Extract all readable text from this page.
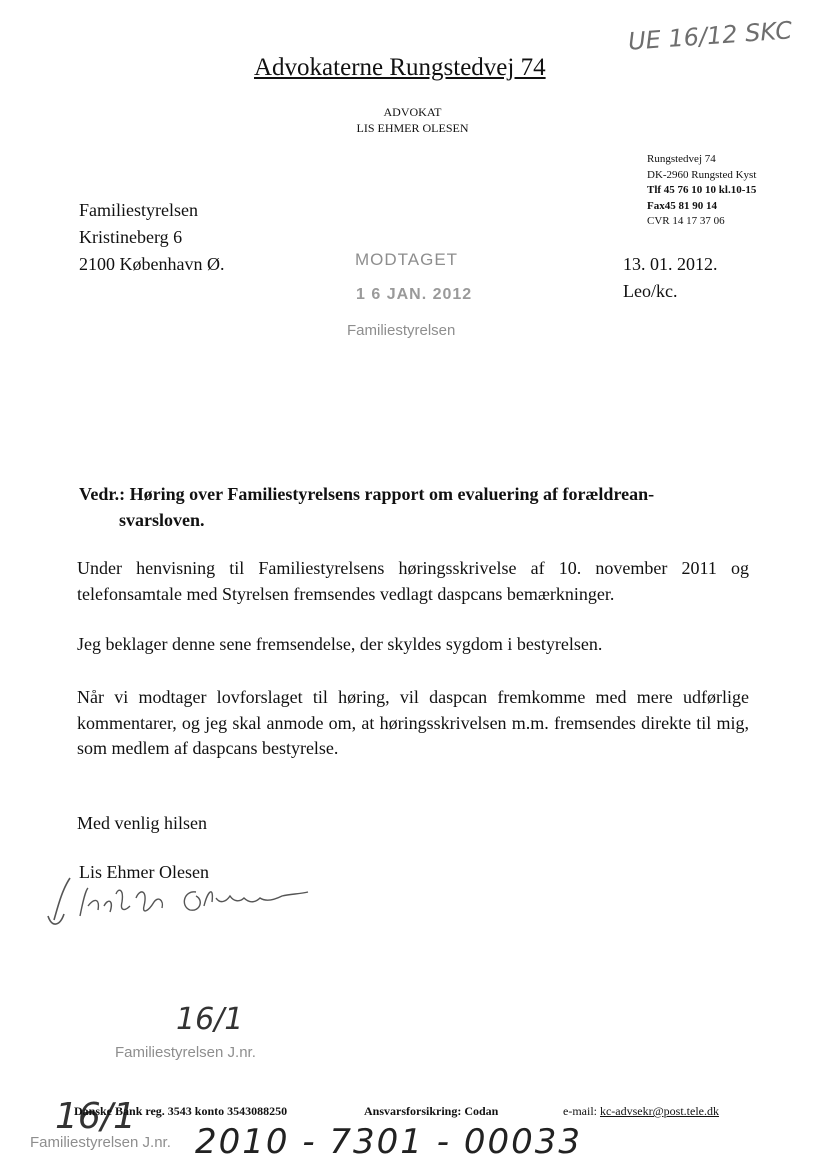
UE 16/12 SKC
Advokaterne Rungstedvej 74
ADVOKAT
LIS EHMER OLESEN
Rungstedvej 74
DK-2960 Rungsted Kyst
Tlf 45 76 10 10 kl.10-15
Fax45 81 90 14
CVR 14 17 37 06
Familiestyrelsen
Kristineberg 6
2100 København Ø.	MODTAGET
1 6 JAN. 2012
Familiestyrelsen
13. 01. 2012.
Leo/kc.
Vedr.: Høring over Familiestyrelsens rapport om evaluering af forældrean-
svarsloven.
Under henvisning til Familiestyrelsens høringsskrivelse af 10. november 2011 og telefonsamtale med Styrelsen fremsendes vedlagt daspcans bemærkninger.
Jeg beklager denne sene fremsendelse, der skyldes sygdom i bestyrelsen.
Når vi modtager lovforslaget til høring, vil daspcan fremkomme med mere udførlige kommentarer, og jeg skal anmode om, at høringsskrivelsen m.m. fremsendes direkte til mig, som medlem af daspcans bestyrelse.
Med venlig hilsen
Lis Ehmer Olesen
16/1
Familiestyrelsen J.nr.
16/1
Danske Bank reg. 3543 konto 3543088250	Ansvarsforsikring: Codan	e-mail: kc-advsekr@post.tele.dk
Familiestyrelsen J.nr. 2010 - 7301 - 00033
